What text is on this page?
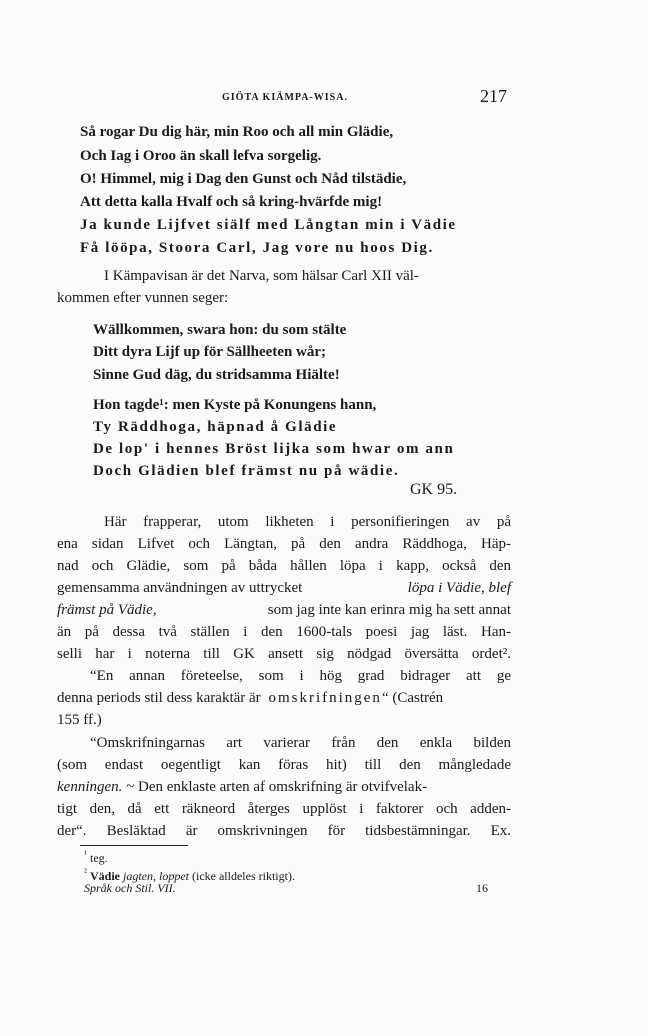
GIÖTA KIÄMPA-WISA.	217
Så rogar Du dig här, min Roo och all min Glädie,
Och Iag i Oroo än skall lefva sorgelig.
O! Himmel, mig i Dag den Gunst och Nåd tilstädie,
Att detta kalla Hvalf och så kring-hvärfde mig!
Ja kunde Lijfvet siälf med Långtan min i Vädie
Få lööpa, Stoora Carl, Jag vore nu hoos Dig.
I Kämpavisan är det Narva, som hälsar Carl XII väl-
kommen efter vunnen seger:
Wällkommen, swara hon: du som stälte
Ditt dyra Lijf up för Sällheeten wår;
Sinne Gud däg, du stridsamma Hiälte!
Hon tagde¹: men Kyste på Konungens hann,
Ty Räddhoga, häpnad å Glädie
De lop' i hennes Bröst lijka som hwar om ann
Doch Glädien blef främst nu på wädie.
GK 95.
Här frapperar, utom likheten i personifieringen av på
ena sidan Lifvet och Längtan, på den andra Räddhoga, Häp-
nad och Glädie, som på båda hållen löpa i kapp, också den
gemensamma användningen av uttrycket	löpa i Vädie, blef
främst på Vädie,	som jag inte kan erinra mig ha sett annat
än på dessa två ställen i den 1600-tals poesi jag läst. Han-
selli har i noterna till GK ansett sig nödgad översätta ordet².
“En annan företeelse, som i hög grad bidrager att ge
denna periods stil dess karaktär är omskrifningen“ (Castrén
155 ff.)
“Omskrifningarnas art varierar från den enkla bilden
(som endast oegentligt kan föras hit) till den mångledade
kenningen. ~ Den enklaste arten af omskrifning är otvifvelak-
tigt den, då ett räkneord återges upplöst i faktorer och adden-
der“. Besläktad är omskrivningen för tidsbestämningar. Ex.
$^{^1}$ teg.
$^{^2}$ Vädie jagten, loppet (icke alldeles riktigt).
Språk och Stil. VII.	16
